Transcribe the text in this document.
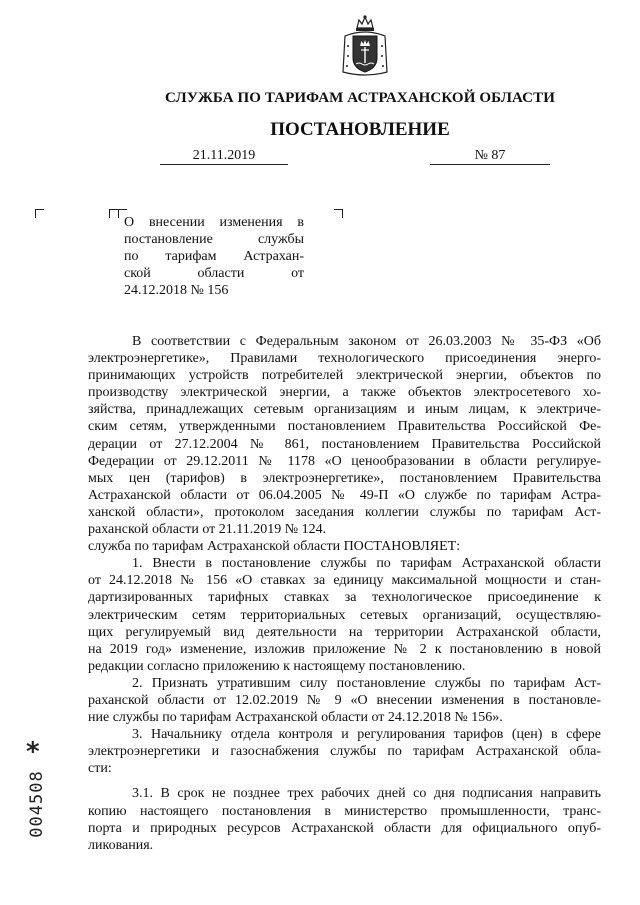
СЛУЖБА ПО ТАРИФАМ АСТРАХАНСКОЙ ОБЛАСТИ
ПОСТАНОВЛЕНИЕ
21.11.2019	№ 87
О внесении изменения в
постановление службы
по тарифам Астрахан-
ской области от
24.12.2018 № 156
В соответствии с Федеральным законом от 26.03.2003 № 35-ФЗ «Об
электроэнергетике», Правилами технологического присоединения энерго-
принимающих устройств потребителей электрической энергии, объектов по
производству электрической энергии, а также объектов электросетевого хо-
зяйства, принадлежащих сетевым организациям и иным лицам, к электриче-
ским сетям, утвержденными постановлением Правительства Российской Фе-
дерации от 27.12.2004 № 861, постановлением Правительства Российской
Федерации от 29.12.2011 № 1178 «О ценообразовании в области регулируе-
мых цен (тарифов) в электроэнергетике», постановлением Правительства
Астраханской области от 06.04.2005 № 49-П «О службе по тарифам Астра-
ханской области», протоколом заседания коллегии службы по тарифам Аст-
раханской области от 21.11.2019 № 124.
служба по тарифам Астраханской области ПОСТАНОВЛЯЕТ:
1. Внести в постановление службы по тарифам Астраханской области
от 24.12.2018 № 156 «О ставках за единицу максимальной мощности и стан-
дартизированных тарифных ставках за технологическое присоединение к
электрическим сетям территориальных сетевых организаций, осуществляю-
щих регулируемый вид деятельности на территории Астраханской области,
на 2019 год» изменение, изложив приложение № 2 к постановлению в новой
редакции согласно приложению к настоящему постановлению.
2. Признать утратившим силу постановление службы по тарифам Аст-
раханской области от 12.02.2019 № 9 «О внесении изменения в постановле-
ние службы по тарифам Астраханской области от 24.12.2018 № 156».
3. Начальнику отдела контроля и регулирования тарифов (цен) в сфере
электроэнергетики и газоснабжения службы по тарифам Астраханской обла-
сти:
3.1. В срок не позднее трех рабочих дней со дня подписания направить
копию настоящего постановления в министерство промышленности, транс-
порта и природных ресурсов Астраханской области для официального опуб-
ликования.
*
004508
